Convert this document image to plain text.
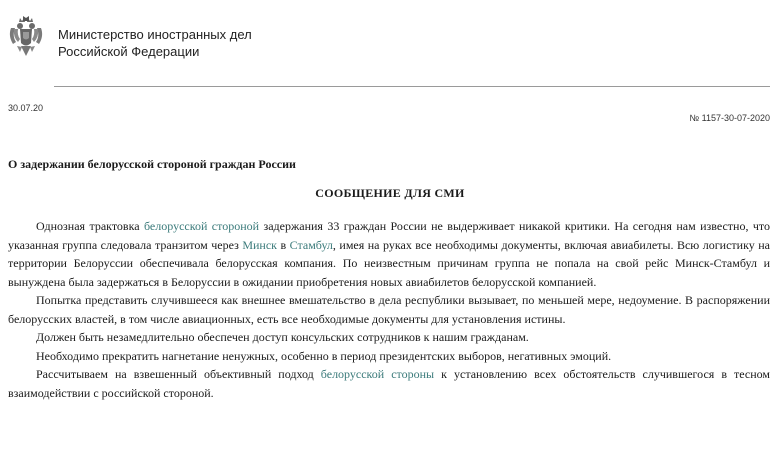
Министерство иностранных дел
Российской Федерации
30.07.20
№ 1157-30-07-2020
О задержании белорусской стороной граждан России
СООБЩЕНИЕ ДЛЯ СМИ

Однозная трактовка белорусской стороной задержания 33 граждан России не выдерживает никакой критики. На сегодня нам известно, что указанная группа следовала транзитом через Минск в Стамбул, имея на руках все необходимы документы, включая авиабилеты. Всю логистику на территории Белоруссии обеспечивала белорусская компания. По неизвестным причинам группа не попала на свой рейс Минск-Стамбул и вынуждена была задержаться в Белоруссии в ожидании приобретения новых авиабилетов белорусской компанией.

Попытка представить случившееся как внешнее вмешательство в дела республики вызывает, по меньшей мере, недоумение. В распоряжении белорусских властей, в том числе авиационных, есть все необходимые документы для установления истины.

Должен быть незамедлительно обеспечен доступ консульских сотрудников к нашим гражданам.

Необходимо прекратить нагнетание ненужных, особенно в период президентских выборов, негативных эмоций.

Рассчитываем на взвешенный объективный подход белорусской стороны к установлению всех обстоятельств случившегося в тесном взаимодействии с российской стороной.
